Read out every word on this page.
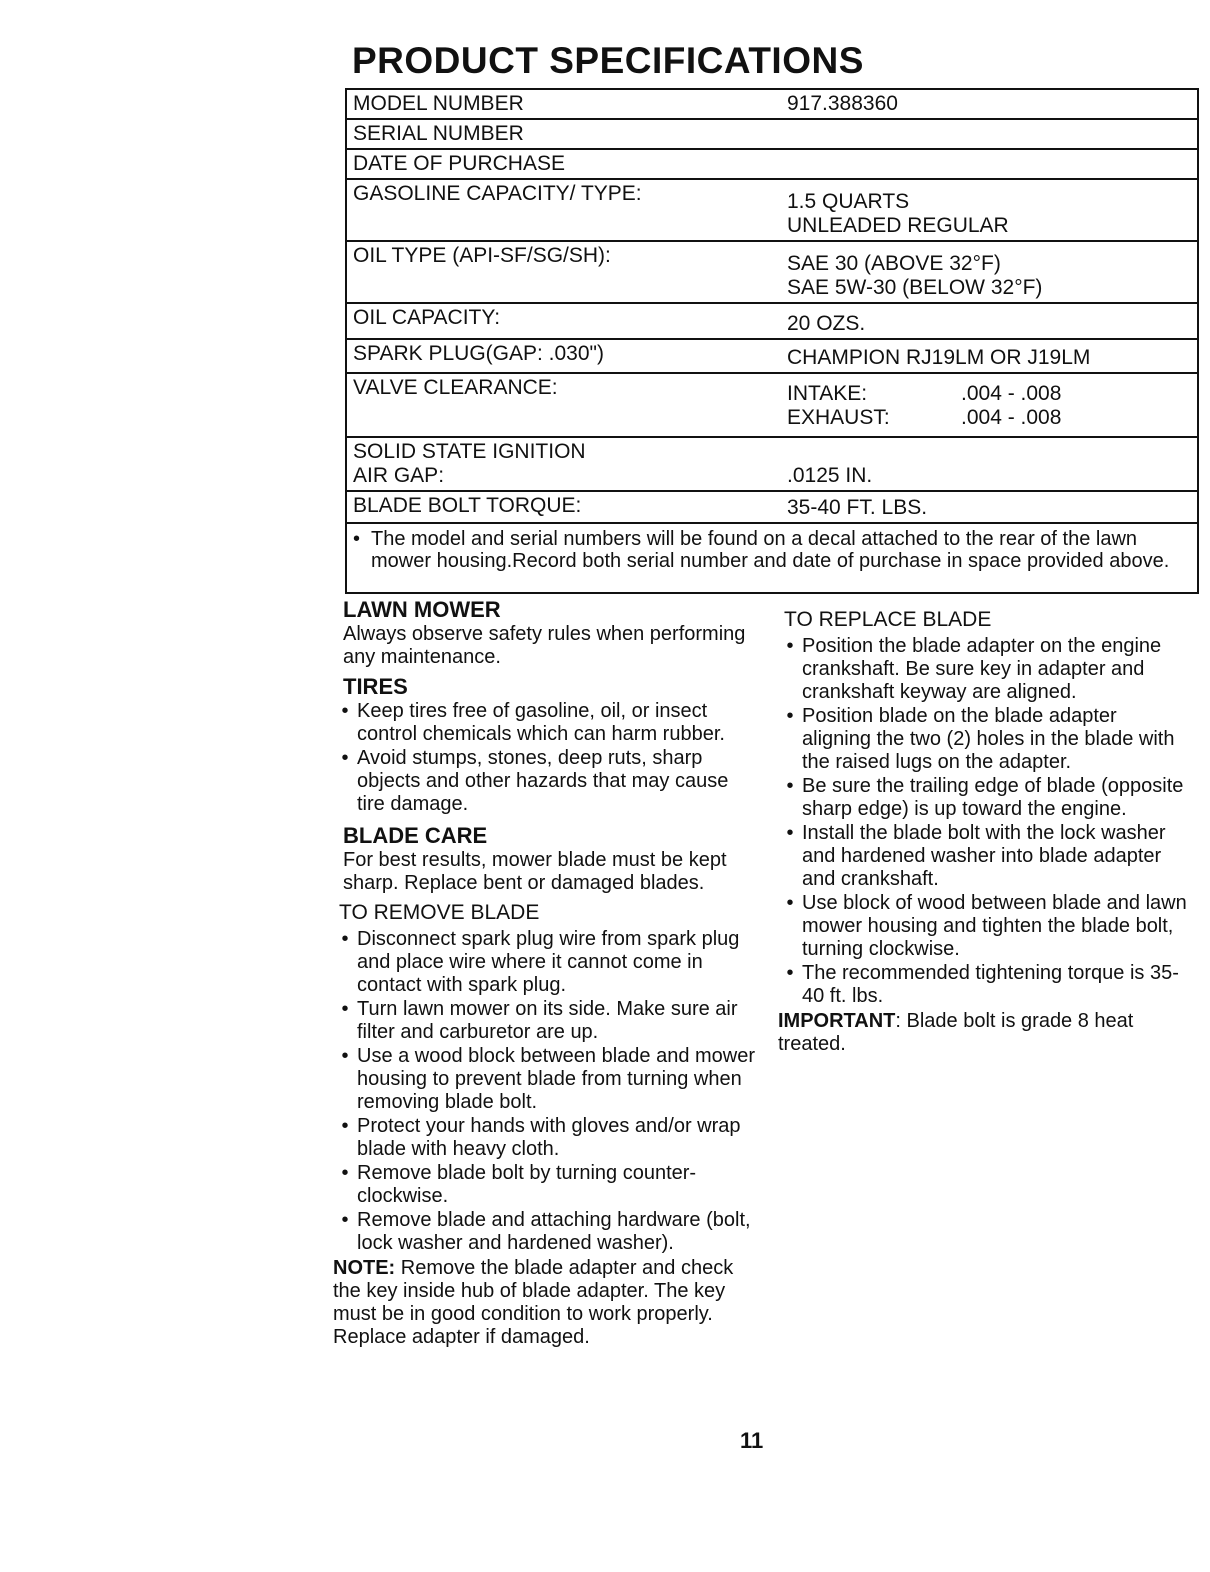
PRODUCT SPECIFICATIONS
MODEL NUMBER	917.388360
SERIAL NUMBER
DATE OF PURCHASE
GASOLINE CAPACITY/ TYPE:	1.5 QUARTS
UNLEADED REGULAR
OIL TYPE (API-SF/SG/SH):	SAE 30 (ABOVE 32°F)
SAE 5W-30 (BELOW 32°F)
OIL CAPACITY:	20 OZS.
SPARK PLUG(GAP: .030")	CHAMPION RJ19LM OR J19LM
VALVE CLEARANCE:	INTAKE:	.004 - .008
EXHAUST:	.004 - .008
SOLID STATE IGNITION
AIR GAP:	.0125 IN.
BLADE BOLT TORQUE:	35-40 FT. LBS.
• The model and serial numbers will be found on a decal attached to the rear of the lawn mower housing.Record both serial number and date of purchase in space provided above.
LAWN MOWER

Always observe safety rules when performing any maintenance.

TIRES
• Keep tires free of gasoline, oil, or insect control chemicals which can harm rubber.
• Avoid stumps, stones, deep ruts, sharp objects and other hazards that may cause tire damage.
BLADE CARE

For best results, mower blade must be kept sharp. Replace bent or damaged blades.

TO REMOVE BLADE
• Disconnect spark plug wire from spark plug and place wire where it cannot come in contact with spark plug.
• Turn lawn mower on its side. Make sure air filter and carburetor are up.
• Use a wood block between blade and mower housing to prevent blade from turning when removing blade bolt.
• Protect your hands with gloves and/or wrap blade with heavy cloth.
• Remove blade bolt by turning counter-clockwise.
• Remove blade and attaching hardware (bolt, lock washer and hardened washer).

NOTE: Remove the blade adapter and check the key inside hub of blade adapter. The key must be in good condition to work properly. Replace adapter if damaged.

TO REPLACE BLADE
• Position the blade adapter on the engine crankshaft. Be sure key in adapter and crankshaft keyway are aligned.
• Position blade on the blade adapter aligning the two (2) holes in the blade with the raised lugs on the adapter.
• Be sure the trailing edge of blade (opposite sharp edge) is up toward the engine.
• Install the blade bolt with the lock washer and hardened washer into blade adapter and crankshaft.
• Use block of wood between blade and lawn mower housing and tighten the blade bolt, turning clockwise.
• The recommended tightening torque is 35-40 ft. lbs.

IMPORTANT: Blade bolt is grade 8 heat treated.

11
